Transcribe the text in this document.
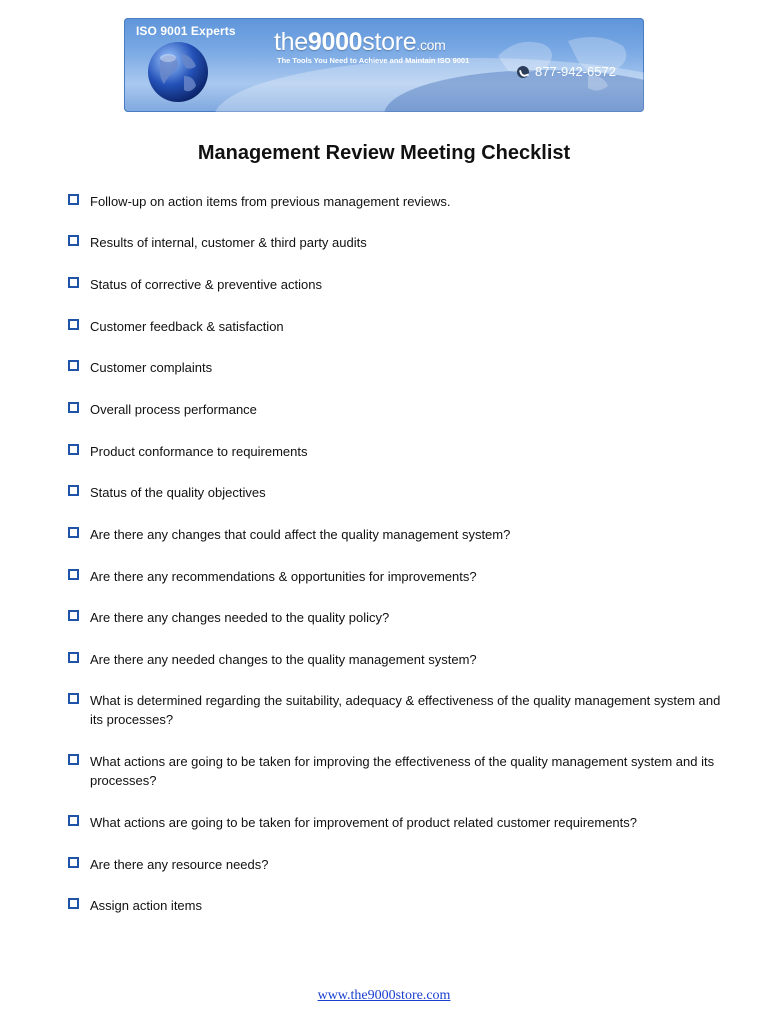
ISO 9001 Experts the9000store.com
The Tools You Need to Achieve and Maintain ISO 9001
877-942-6572
Management Review Meeting Checklist
Follow-up on action items from previous management reviews.
Results of internal, customer & third party audits
Status of corrective & preventive actions
Customer feedback & satisfaction
Customer complaints
Overall process performance
Product conformance to requirements
Status of the quality objectives
Are there any changes that could affect the quality management system?
Are there any recommendations & opportunities for improvements?
Are there any changes needed to the quality policy?
Are there any needed changes to the quality management system?
What is determined regarding the suitability, adequacy & effectiveness of the quality management system and its processes?
What actions are going to be taken for improving the effectiveness of the quality management system and its processes?
What actions are going to be taken for improvement of product related customer requirements?
Are there any resource needs?
Assign action items
www.the9000store.com
